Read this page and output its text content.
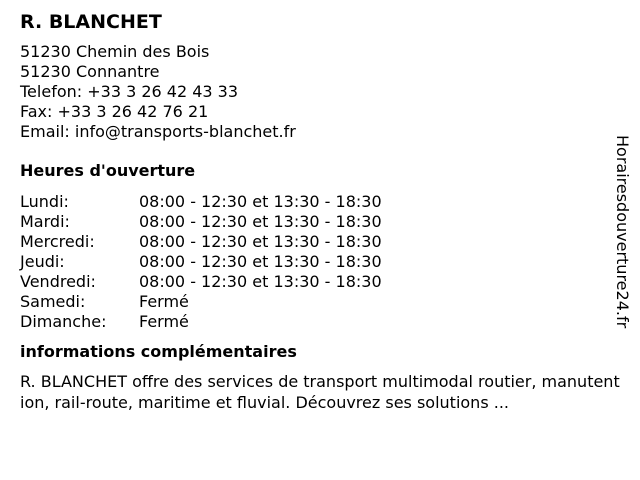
R. BLANCHET
51230 Chemin des Bois
51230 Connantre
Telefon: +33 3 26 42 43 33
Fax: +33 3 26 42 76 21
Email: info@transports-blanchet.fr
Heures d'ouverture
Lundi:	08:00 - 12:30 et 13:30 - 18:30
Mardi:	08:00 - 12:30 et 13:30 - 18:30
Mercredi:	08:00 - 12:30 et 13:30 - 18:30
Jeudi:	08:00 - 12:30 et 13:30 - 18:30
Vendredi:	08:00 - 12:30 et 13:30 - 18:30
Samedi:	Fermé
Dimanche:	Fermé
informations complémentaires
R. BLANCHET offre des services de transport multimodal routier, manutention, rail-route, maritime et fluvial. Découvrez ses solutions ...
Horairesdouverture24.fr
